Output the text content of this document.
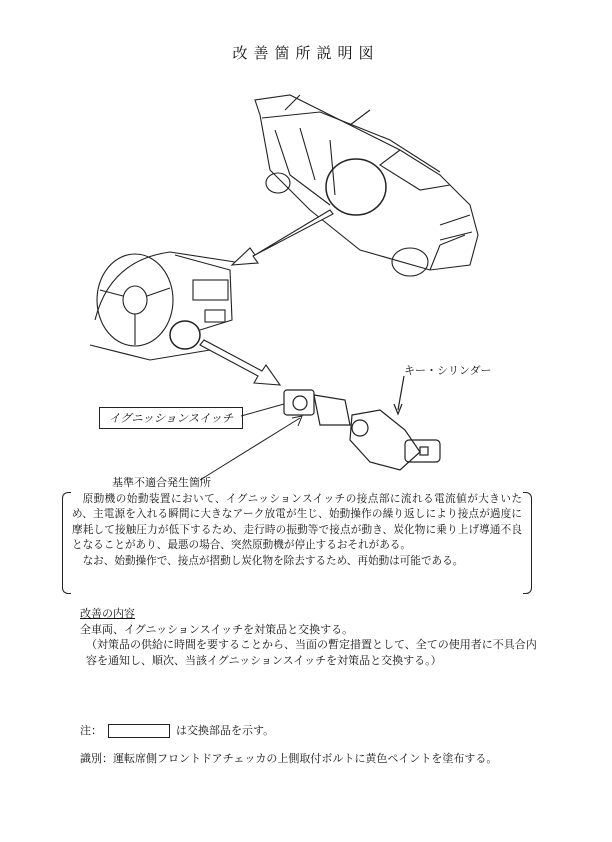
改善箇所説明図
イグニッションスイッチ
キー・シリンダー
基準不適合発生箇所

原動機の始動装置において、イグニッションスイッチの接点部に流れる電流値が大きいため、主電源を入れる瞬間に大きなアーク放電が生じ、始動操作の繰り返しにより接点が過度に摩耗して接触圧力が低下するため、走行時の振動等で接点が動き、炭化物に乗り上げ導通不良となることがあり、最悪の場合、突然原動機が停止するおそれがある。

なお、始動操作で、接点が摺動し炭化物を除去するため、再始動は可能である。

改善の内容
全車両、イグニッションスイッチを対策品と交換する。
（対策品の供給に時間を要することから、当面の暫定措置として、全ての使用者に不具合内容を通知し、順次、当該イグニッションスイッチを対策品と交換する。）
注：	は交換部品を示す。
識別：運転席側フロントドアチェッカの上側取付ボルトに黄色ペイントを塗布する。
